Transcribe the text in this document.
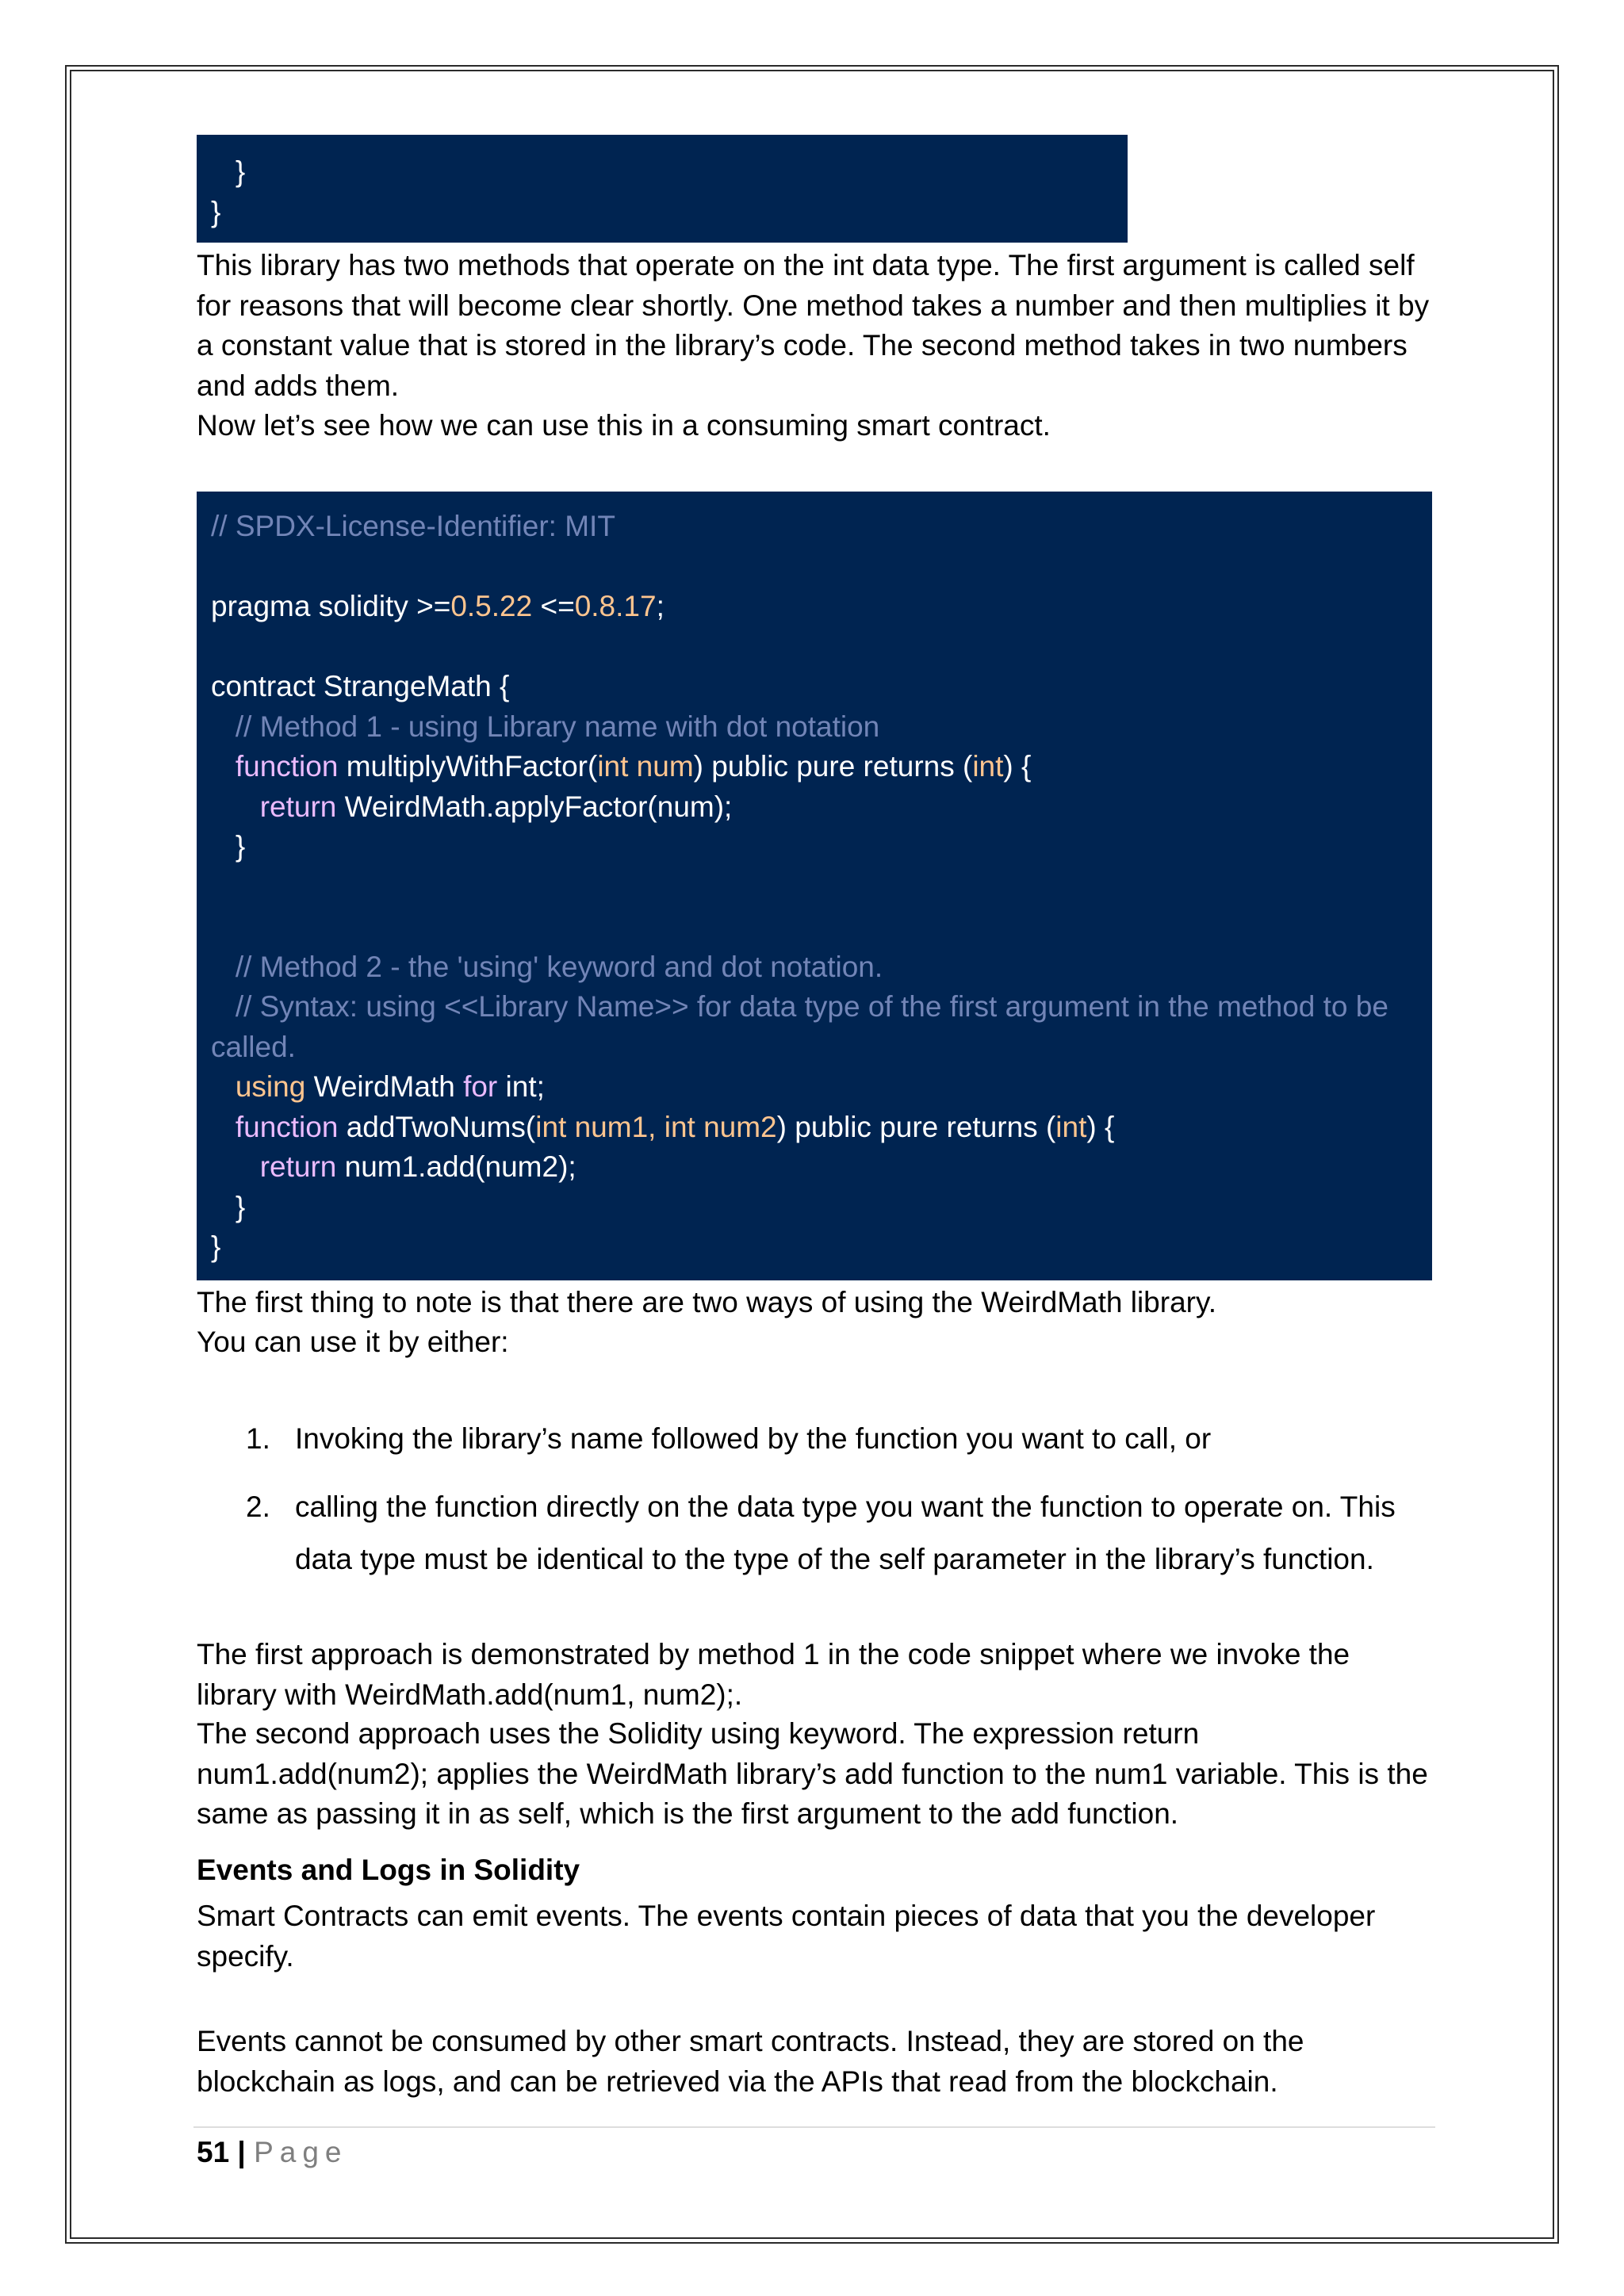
}
}

This library has two methods that operate on the int data type. The first argument is called self for reasons that will become clear shortly. One method takes a number and then multiplies it by a constant value that is stored in the library’s code. The second method takes in two numbers and adds them.

Now let’s see how we can use this in a consuming smart contract.

// SPDX-License-Identifier: MIT
pragma solidity >=0.5.22 <=0.8.17;
contract StrangeMath {
// Method 1 - using Library name with dot notation
function multiplyWithFactor(int num) public pure returns (int) {
return WeirdMath.applyFactor(num);
}
// Method 2 - the 'using' keyword and dot notation.
// Syntax: using <<Library Name>> for data type of the first argument in the method to be called.
using WeirdMath for int;
function addTwoNums(int num1, int num2) public pure returns (int) {
return num1.add(num2);
}
}

The first thing to note is that there are two ways of using the WeirdMath library.

You can use it by either:

1. Invoking the library’s name followed by the function you want to call, or
2. calling the function directly on the data type you want the function to operate on. This data type must be identical to the type of the self parameter in the library’s function.

The first approach is demonstrated by method 1 in the code snippet where we invoke the library with WeirdMath.add(num1, num2);.

The second approach uses the Solidity using keyword. The expression return num1.add(num2); applies the WeirdMath library’s add function to the num1 variable. This is the same as passing it in as self, which is the first argument to the add function.

Events and Logs in Solidity

Smart Contracts can emit events. The events contain pieces of data that you the developer specify.

Events cannot be consumed by other smart contracts. Instead, they are stored on the blockchain as logs, and can be retrieved via the APIs that read from the blockchain.

51 | Page
